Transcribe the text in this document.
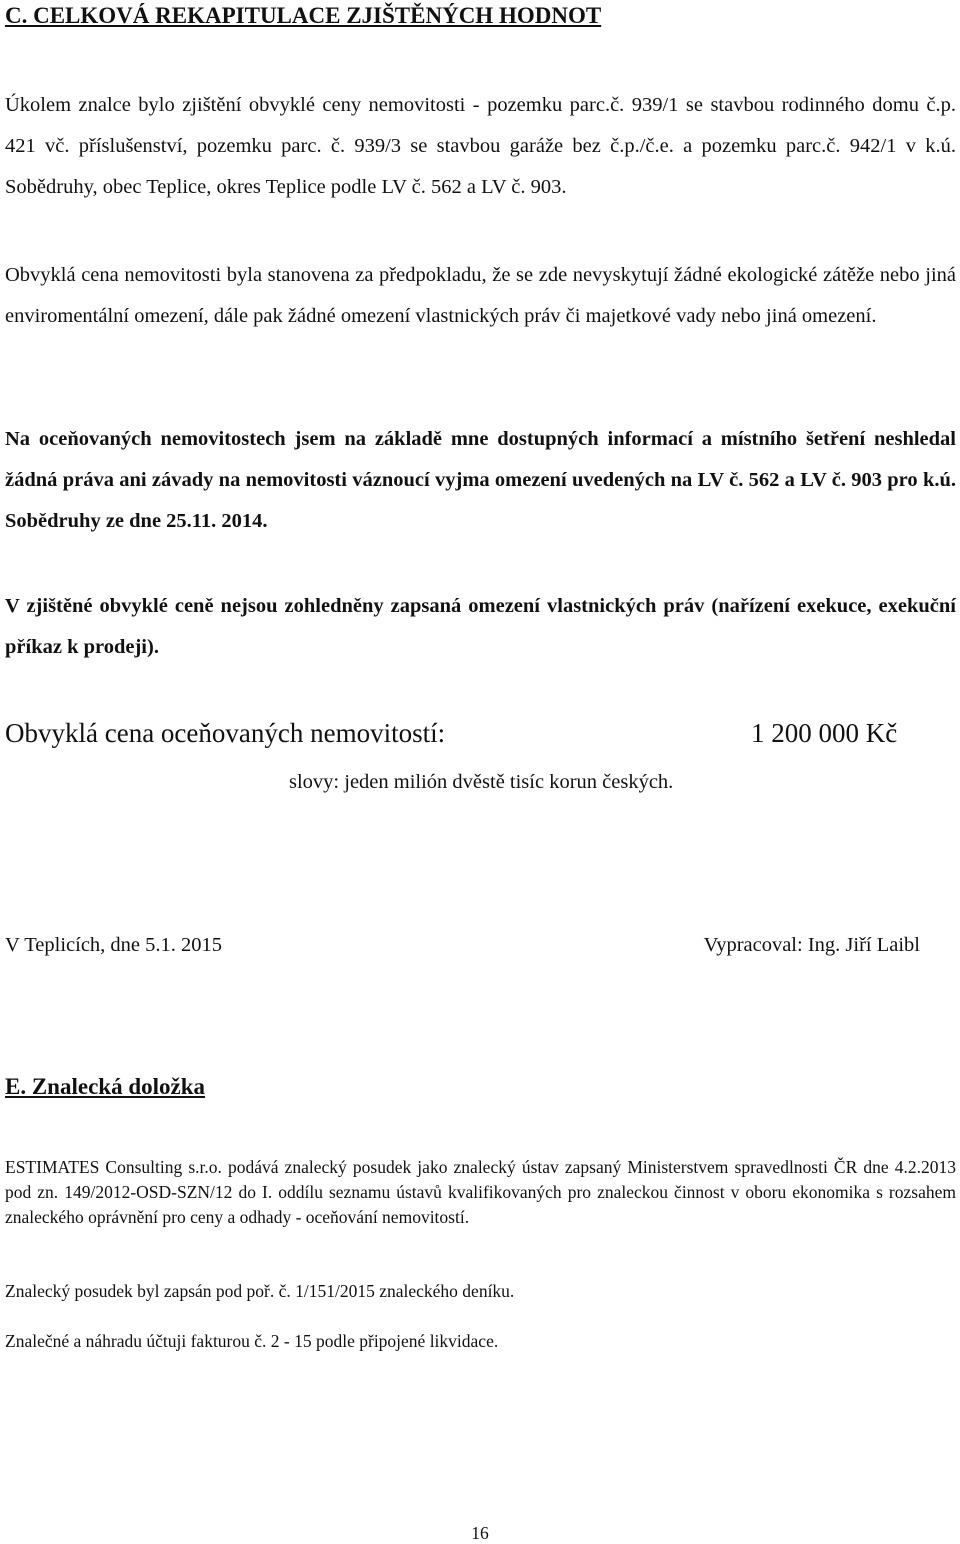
C. CELKOVÁ REKAPITULACE ZJIŠTĚNÝCH HODNOT

Úkolem znalce bylo zjištění obvyklé ceny nemovitosti - pozemku parc.č. 939/1 se stavbou rodinného domu č.p. 421 vč. příslušenství, pozemku parc. č. 939/3 se stavbou garáže bez č.p./č.e. a pozemku parc.č. 942/1 v k.ú. Sobědruhy, obec Teplice, okres Teplice podle LV č. 562 a LV č. 903.

Obvyklá cena nemovitosti byla stanovena za předpokladu, že se zde nevyskytují žádné ekologické zátěže nebo jiná enviromentální omezení, dále pak žádné omezení vlastnických práv či majetkové vady nebo jiná omezení.

Na oceňovaných nemovitostech jsem na základě mne dostupných informací a místního šetření neshledal žádná práva ani závady na nemovitosti váznoucí vyjma omezení uvedených na LV č. 562 a LV č. 903 pro k.ú. Sobědruhy ze dne 25.11. 2014.

V zjištěné obvyklé ceně nejsou zohledněny zapsaná omezení vlastnických práv (nařízení exekuce, exekuční příkaz k prodeji).

Obvyklá cena oceňovaných nemovitostí:	1 200 000 Kč
slovy: jeden milión dvěstě tisíc korun českých.
V Teplicích, dne 5.1. 2015	Vypracoval: Ing. Jiří Laibl
E. Znalecká doložka

ESTIMATES Consulting s.r.o. podává znalecký posudek jako znalecký ústav zapsaný Ministerstvem spravedlnosti ČR dne 4.2.2013 pod zn. 149/2012-OSD-SZN/12 do I. oddílu seznamu ústavů kvalifikovaných pro znaleckou činnost v oboru ekonomika s rozsahem znaleckého oprávnění pro ceny a odhady - oceňování nemovitostí.

Znalecký posudek byl zapsán pod poř. č. 1/151/2015 znaleckého deníku.

Znalečné a náhradu účtuji fakturou č. 2 - 15 podle připojené likvidace.

16
